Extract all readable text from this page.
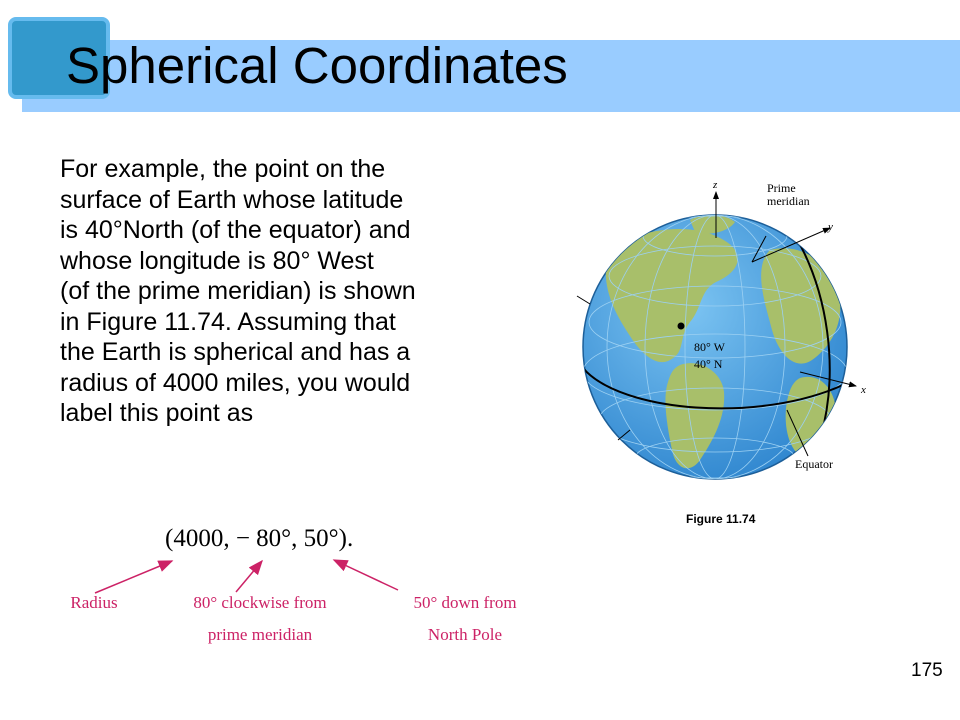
Spherical Coordinates
For example, the point on the
surface of Earth whose latitude
is 40°North (of the equator) and
whose longitude is 80° West
(of the prime meridian) is shown
in Figure 11.74. Assuming that
the Earth is spherical and has a
radius of 4000 miles, you would
label this point as
(4000, − 80°, 50°).
Radius	80° clockwise from
prime meridian
50° down from
North Pole
z
y
x
Prime
meridian
80° W
40° N
Equator
Figure 11.74
175
